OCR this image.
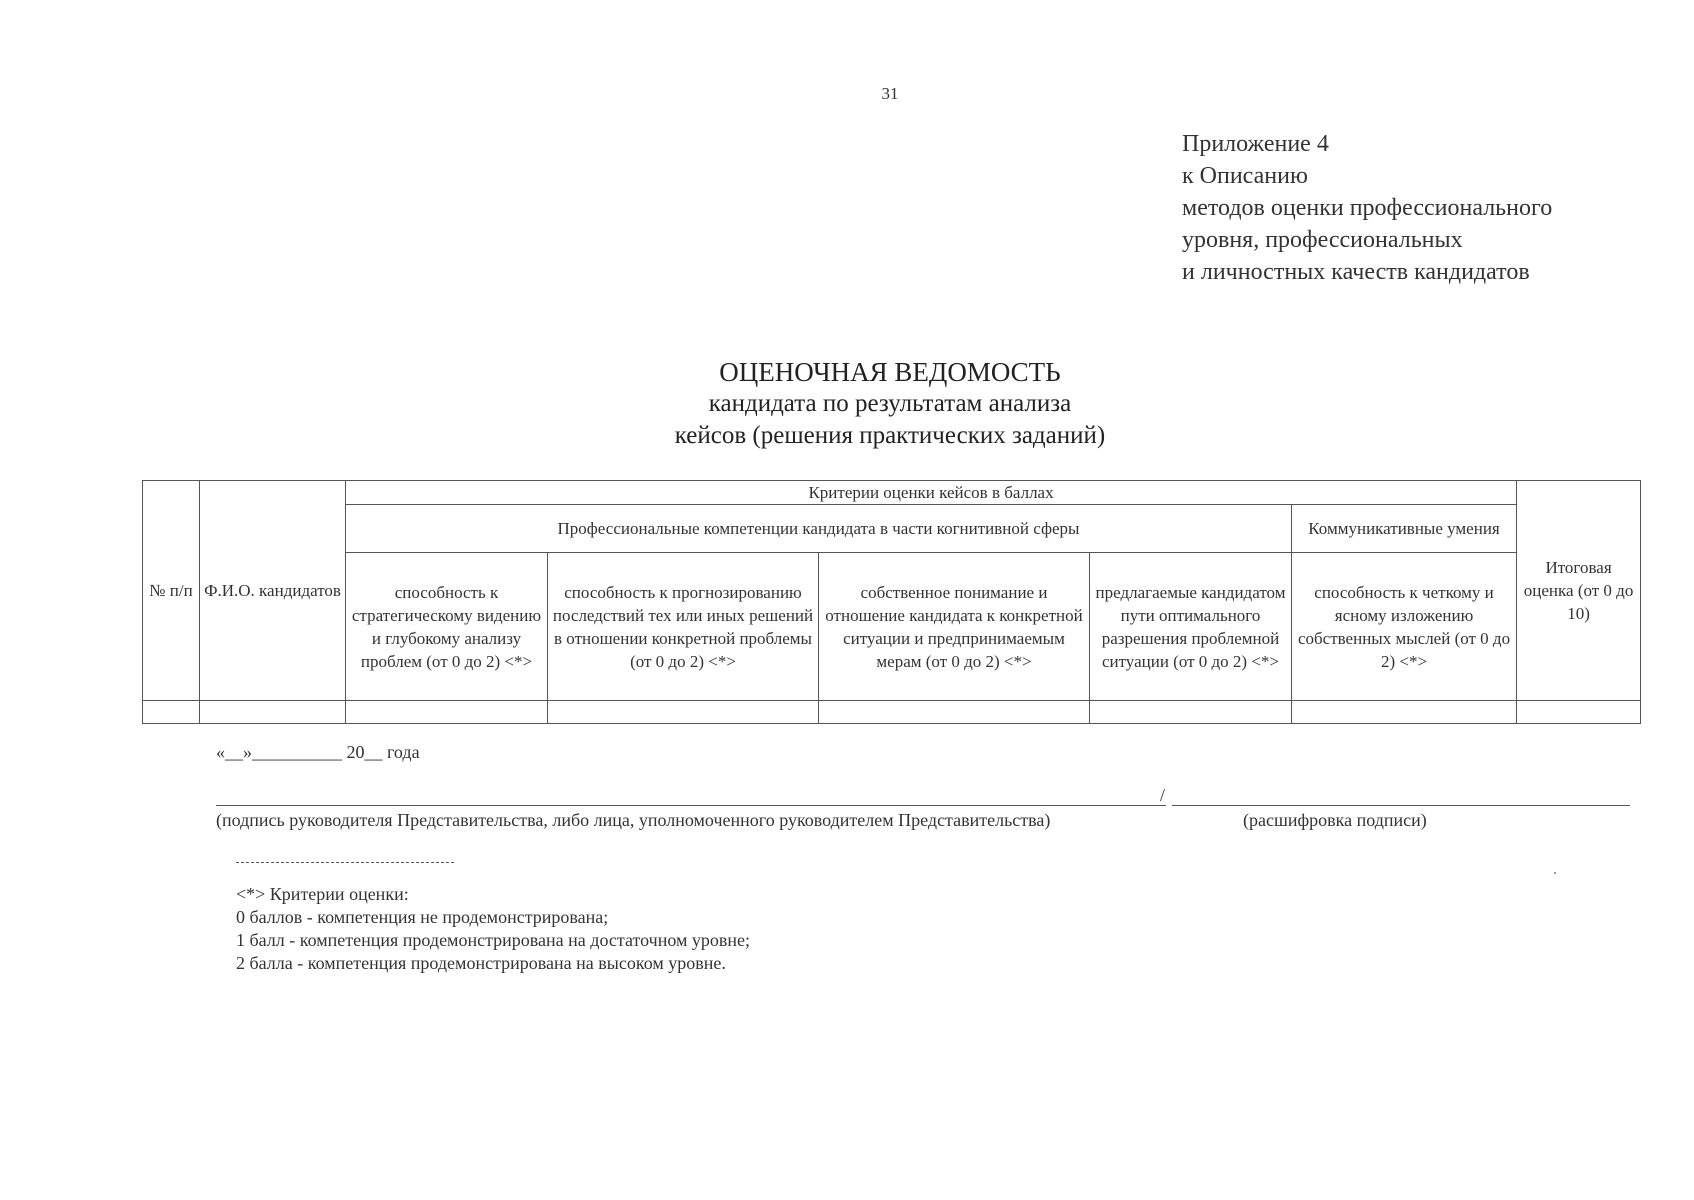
31
Приложение 4
к Описанию
методов оценки профессионального
уровня, профессиональных
и личностных качеств кандидатов
ОЦЕНОЧНАЯ ВЕДОМОСТЬ
кандидата по результатам анализа
кейсов (решения практических заданий)
№ п/п	Ф.И.О. кандидатов	Критерии оценки кейсов в баллах					Итоговая оценка (от 0 до 10)
		Профессиональные компетенции кандидата в части когнитивной сферы				Коммуникативные умения	
		способность к стратегическому видению и глубокому анализу проблем (от 0 до 2) <*>	способность к прогнозированию последствий тех или иных решений в отношении конкретной проблемы (от 0 до 2) <*>	собственное понимание и отношение кандидата к конкретной ситуации и предпринимаемым мерам (от 0 до 2) <*>	предлагаемые кандидатом пути оптимального разрешения проблемной ситуации (от 0 до 2) <*>	способность к четкому и ясному изложению собственных мыслей (от 0 до 2) <*>	

«__»__________ 20__ года
/
(подпись руководителя Представительства, либо лица, уполномоченного руководителем Представительства)	(расшифровка подписи)
<*> Критерии оценки:
0 баллов - компетенция не продемонстрирована;
1 балл - компетенция продемонстрирована на достаточном уровне;
2 балла - компетенция продемонстрирована на высоком уровне.
